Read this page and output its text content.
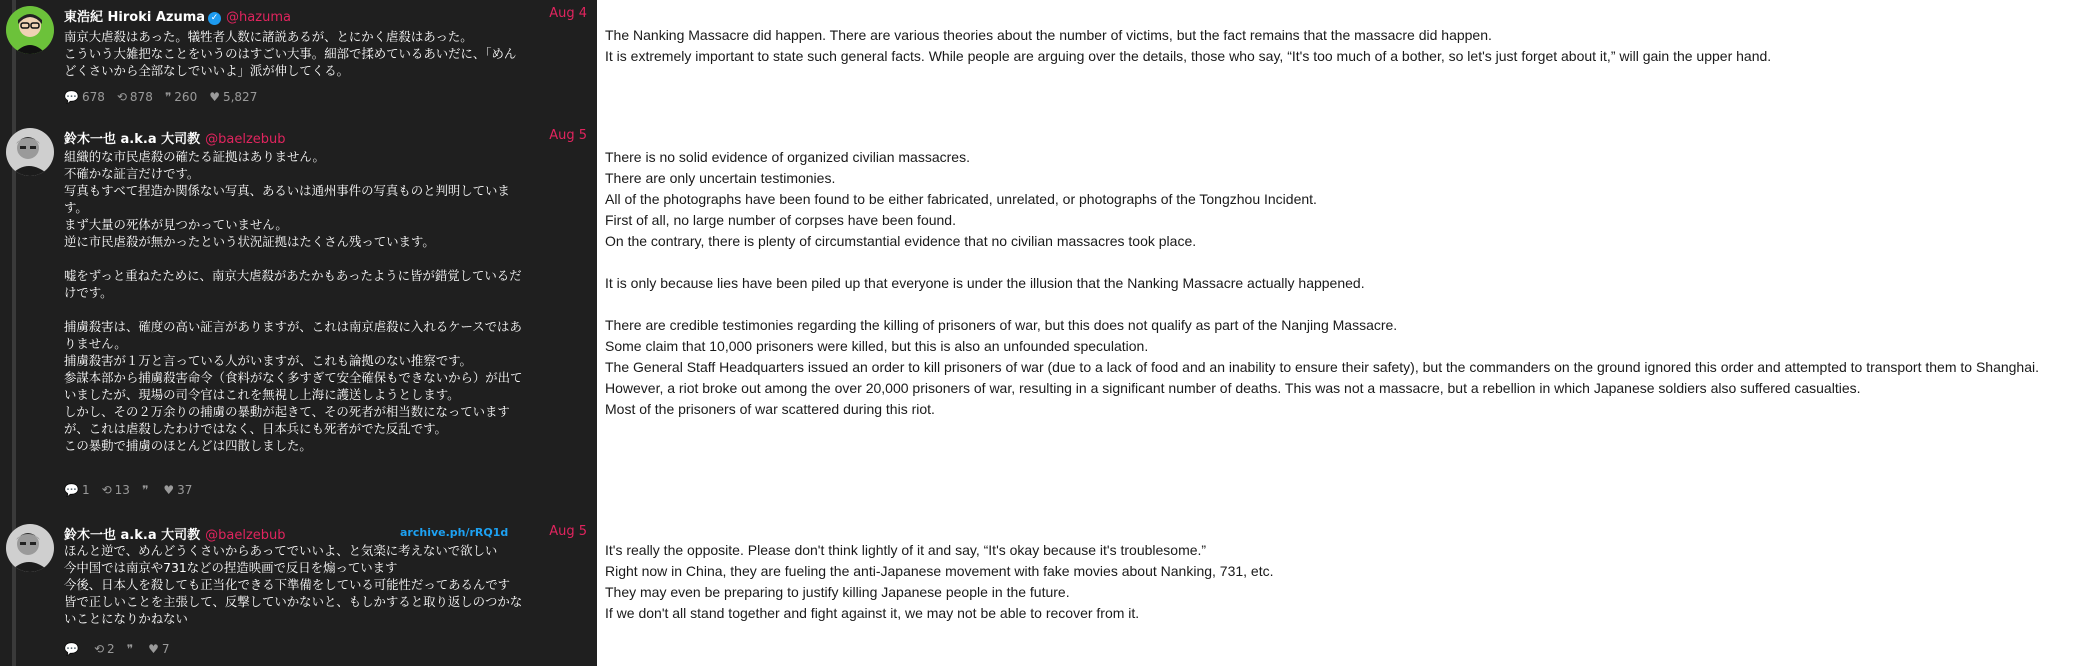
東浩紀 Hiroki Azuma ✓ @hazuma	Aug 4
南京大虐殺はあった。犠牲者人数に諸説あるが、とにかく虐殺はあった。
こういう大雑把なことをいうのはすごい大事。細部で揉めているあいだに、「めん
どくさいから全部なしでいいよ」派が伸してくる。
💬 678 ⟲ 878 ❞ 260 ♥ 5,827
鈴木一也 a.k.a 大司教 @baelzebub	Aug 5
組織的な市民虐殺の確たる証拠はありません。
不確かな証言だけです。
写真もすべて捏造か関係ない写真、あるいは通州事件の写真ものと判明していま
す。
まず大量の死体が見つかっていません。
逆に市民虐殺が無かったという状況証拠はたくさん残っています。
嘘をずっと重ねたために、南京大虐殺があたかもあったように皆が錯覚しているだ
けです。
捕虜殺害は、確度の高い証言がありますが、これは南京虐殺に入れるケースではあ
りません。
捕虜殺害が１万と言っている人がいますが、これも論拠のない推察です。
参謀本部から捕虜殺害命令（食料がなく多すぎて安全確保もできないから）が出て
いましたが、現場の司令官はこれを無視し上海に護送しようとします。
しかし、その２万余りの捕虜の暴動が起きて、その死者が相当数になっています
が、これは虐殺したわけではなく、日本兵にも死者がでた反乱です。
この暴動で捕虜のほとんどは四散しました。
💬 1 ⟲ 13 ❞ ♥ 37
鈴木一也 a.k.a 大司教 @baelzebub	archive.ph/rRQ1d	Aug 5
ほんと逆で、めんどうくさいからあってでいいよ、と気楽に考えないで欲しい
今中国では南京や731などの捏造映画で反日を煽っています
今後、日本人を殺しても正当化できる下準備をしている可能性だってあるんです
皆で正しいことを主張して、反撃していかないと、もしかすると取り返しのつかな
いことになりかねない
💬 ⟲ 2 ❞ ♥ 7
The Nanking Massacre did happen. There are various theories about the number of victims, but the fact remains that the massacre did happen.
It is extremely important to state such general facts. While people are arguing over the details, those who say, “It's too much of a bother, so let's just forget about it,” will gain the upper hand.
There is no solid evidence of organized civilian massacres.
There are only uncertain testimonies.
All of the photographs have been found to be either fabricated, unrelated, or photographs of the Tongzhou Incident.
First of all, no large number of corpses have been found.
On the contrary, there is plenty of circumstantial evidence that no civilian massacres took place.
It is only because lies have been piled up that everyone is under the illusion that the Nanking Massacre actually happened.
There are credible testimonies regarding the killing of prisoners of war, but this does not qualify as part of the Nanjing Massacre.
Some claim that 10,000 prisoners were killed, but this is also an unfounded speculation.
The General Staff Headquarters issued an order to kill prisoners of war (due to a lack of food and an inability to ensure their safety), but the commanders on the ground ignored this order and attempted to transport them to Shanghai.
However, a riot broke out among the over 20,000 prisoners of war, resulting in a significant number of deaths. This was not a massacre, but a rebellion in which Japanese soldiers also suffered casualties.
Most of the prisoners of war scattered during this riot.
It's really the opposite. Please don't think lightly of it and say, “It's okay because it's troublesome.”
Right now in China, they are fueling the anti-Japanese movement with fake movies about Nanking, 731, etc.
They may even be preparing to justify killing Japanese people in the future.
If we don't all stand together and fight against it, we may not be able to recover from it.
